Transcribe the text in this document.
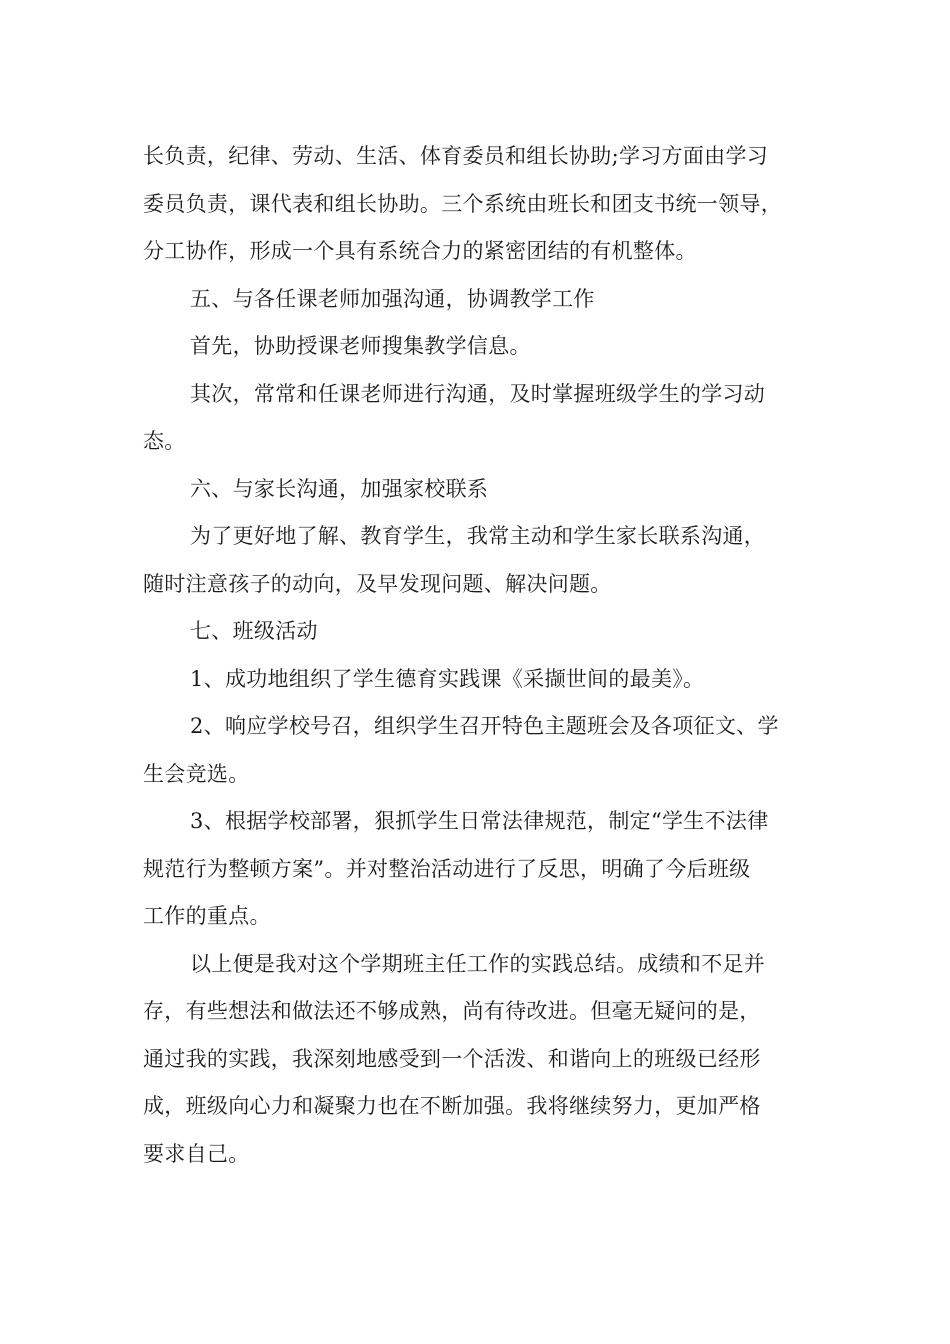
长负责，纪律、劳动、生活、体育委员和组长协助;学习方面由学习
委员负责，课代表和组长协助。三个系统由班长和团支书统一领导，
分工协作，形成一个具有系统合力的紧密团结的有机整体。

五、与各任课老师加强沟通，协调教学工作

首先，协助授课老师搜集教学信息。

其次，常常和任课老师进行沟通，及时掌握班级学生的学习动
态。

六、与家长沟通，加强家校联系

为了更好地了解、教育学生，我常主动和学生家长联系沟通，
随时注意孩子的动向，及早发现问题、解决问题。

七、班级活动

1、成功地组织了学生德育实践课《采撷世间的最美》。

2、响应学校号召，组织学生召开特色主题班会及各项征文、学
生会竞选。

3、根据学校部署，狠抓学生日常法律规范，制定“学生不法律
规范行为整顿方案”。并对整治活动进行了反思，明确了今后班级
工作的重点。

以上便是我对这个学期班主任工作的实践总结。成绩和不足并
存，有些想法和做法还不够成熟，尚有待改进。但毫无疑问的是，
通过我的实践，我深刻地感受到一个活泼、和谐向上的班级已经形
成，班级向心力和凝聚力也在不断加强。我将继续努力，更加严格
要求自己。
